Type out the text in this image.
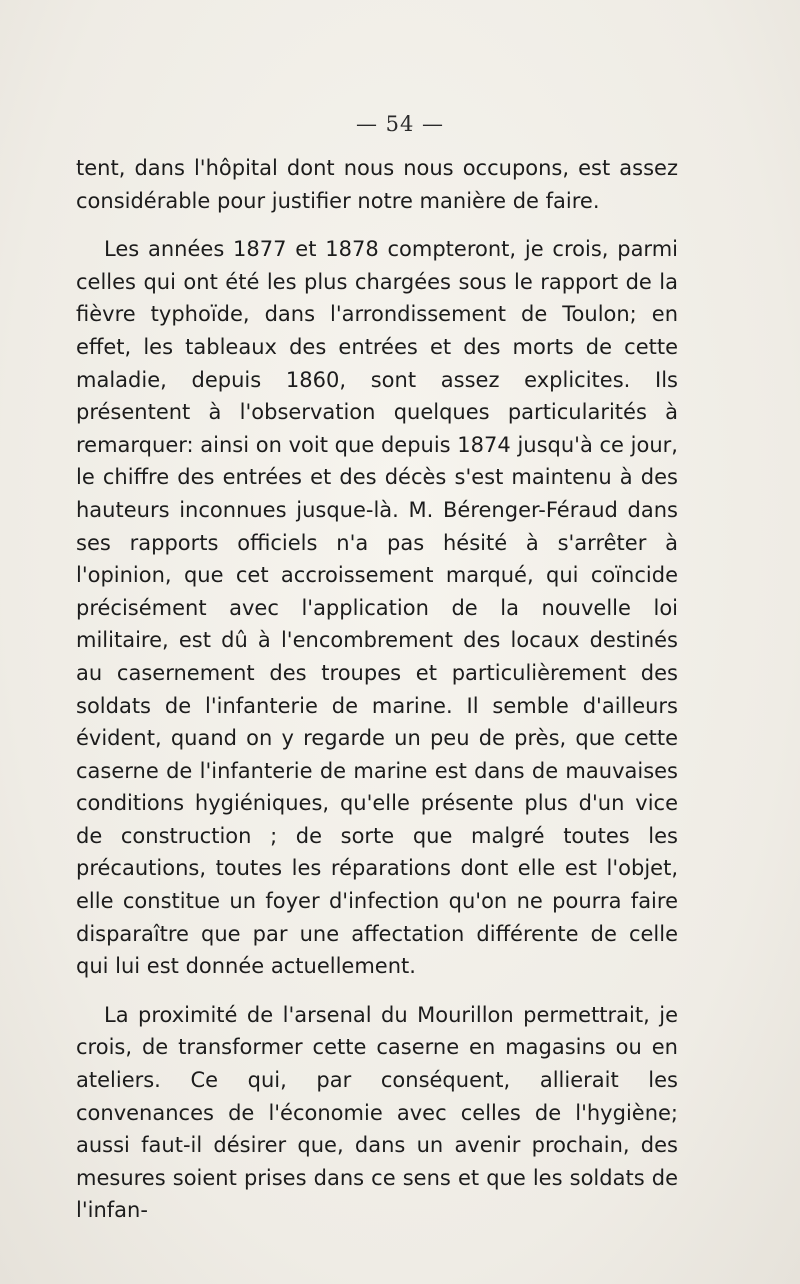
— 54 —

tent, dans l'hôpital dont nous nous occupons, est assez considérable pour justifier notre manière de faire.

Les années 1877 et 1878 compteront, je crois, parmi celles qui ont été les plus chargées sous le rapport de la fièvre typhoïde, dans l'arrondissement de Toulon; en effet, les tableaux des entrées et des morts de cette maladie, depuis 1860, sont assez explicites. Ils présentent à l'observation quelques particularités à remarquer: ainsi on voit que depuis 1874 jusqu'à ce jour, le chiffre des entrées et des décès s'est maintenu à des hauteurs inconnues jusque-là. M. Bérenger-Féraud dans ses rapports officiels n'a pas hésité à s'arrêter à l'opinion, que cet accroissement marqué, qui coïncide précisément avec l'application de la nouvelle loi militaire, est dû à l'encombrement des locaux destinés au casernement des troupes et particulièrement des soldats de l'infanterie de marine. Il semble d'ailleurs évident, quand on y regarde un peu de près, que cette caserne de l'infanterie de marine est dans de mauvaises conditions hygiéniques, qu'elle présente plus d'un vice de construction ; de sorte que malgré toutes les précautions, toutes les réparations dont elle est l'objet, elle constitue un foyer d'infection qu'on ne pourra faire disparaître que par une affectation différente de celle qui lui est donnée actuellement.

La proximité de l'arsenal du Mourillon permettrait, je crois, de transformer cette caserne en magasins ou en ateliers. Ce qui, par conséquent, allierait les convenances de l'économie avec celles de l'hygiène; aussi faut-il désirer que, dans un avenir prochain, des mesures soient prises dans ce sens et que les soldats de l'infan-
